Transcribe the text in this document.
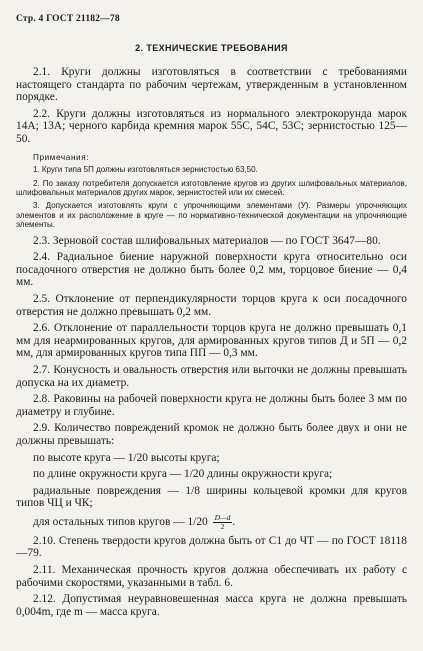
Стр. 4 ГОСТ 21182—78
2. ТЕХНИЧЕСКИЕ ТРЕБОВАНИЯ

2.1. Круги должны изготовляться в соответствии с требованиями настоящего стандарта по рабочим чертежам, утвержденным в установленном порядке.

2.2. Круги должны изготовляться из нормального электрокорунда марок 14А; 13А; черного карбида кремния марок 55С, 54С, 53С; зернистостью 125—50.

Примечания:

1. Круги типа 5П должны изготовляться зернистостью 63,50.

2. По заказу потребителя допускается изготовление кругов из других шлифовальных материалов, шлифовальных материалов других марок, зернистостей или их смесей.

3. Допускается изготовлять круги с упрочняющими элементами (У). Размеры упрочняющих элементов и их расположение в круге — по нормативно-технической документации на упрочняющие элементы.

2.3. Зерновой состав шлифовальных материалов — по ГОСТ 3647—80.

2.4. Радиальное биение наружной поверхности круга относительно оси посадочного отверстия не должно быть более 0,2 мм, торцовое биение — 0,4 мм.

2.5. Отклонение от перпендикулярности торцов круга к оси посадочного отверстия не должно превышать 0,2 мм.

2.6. Отклонение от параллельности торцов круга не должно превышать 0,1 мм для неармированных кругов, для армированных кругов типов Д и 5П — 0,2 мм, для армированных кругов типа ПП — 0,3 мм.

2.7. Конусность и овальность отверстия или выточки не должны превышать допуска на их диаметр.

2.8. Раковины на рабочей поверхности круга не должны быть более 3 мм по диаметру и глубине.

2.9. Количество повреждений кромок не должно быть более двух и они не должны превышать:

по высоте круга — 1/20 высоты круга;

по длине окружности круга — 1/20 длины окружности круга;

радиальные повреждения — 1/8 ширины кольцевой кромки для кругов типов ЧЦ и ЧК;

для остальных типов кругов — $1/20 \frac{D—d}{2}$ .

2.10. Степень твердости кругов должна быть от С1 до ЧТ — по ГОСТ 18118—79.

2.11. Механическая прочность кругов должна обеспечивать их работу с рабочими скоростями, указанными в табл. 6.

2.12. Допустимая неуравновешенная масса круга не должна превышать 0,004m, где m — масса круга.
